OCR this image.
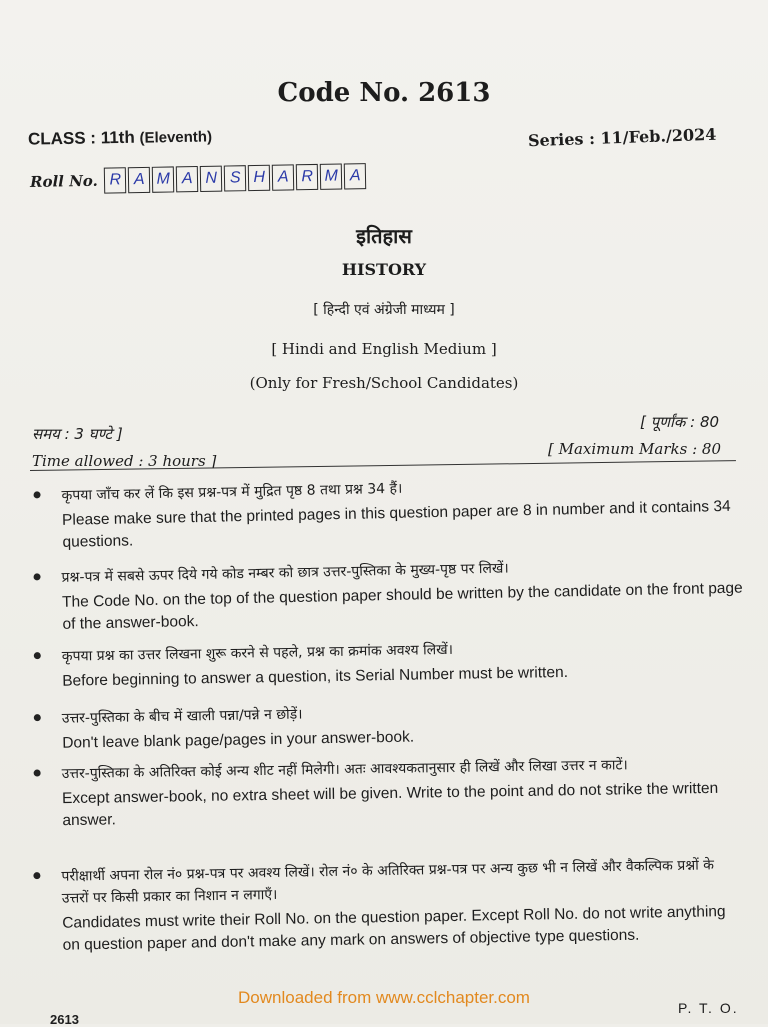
Code No. 2613
CLASS : 11th (Eleventh)	Series : 11/Feb./2024
Roll No. R A M A N S H A R M A
इतिहास
HISTORY
[ हिन्दी एवं अंग्रेजी माध्यम ]
[ Hindi and English Medium ]
(Only for Fresh/School Candidates)
समय : 3 घण्टे ]
Time allowed : 3 hours ]
[ पूर्णांक : 80
[ Maximum Marks : 80
कृपया जाँच कर लें कि इस प्रश्न-पत्र में मुद्रित पृष्ठ 8 तथा प्रश्न 34 हैं।
Please make sure that the printed pages in this question paper are 8 in number and it contains 34 questions.
प्रश्न-पत्र में सबसे ऊपर दिये गये कोड नम्बर को छात्र उत्तर-पुस्तिका के मुख्य-पृष्ठ पर लिखें।
The Code No. on the top of the question paper should be written by the candidate on the front page of the answer-book.
कृपया प्रश्न का उत्तर लिखना शुरू करने से पहले, प्रश्न का क्रमांक अवश्य लिखें।
Before beginning to answer a question, its Serial Number must be written.
उत्तर-पुस्तिका के बीच में खाली पन्ना/पन्ने न छोड़ें।
Don't leave blank page/pages in your answer-book.
उत्तर-पुस्तिका के अतिरिक्त कोई अन्य शीट नहीं मिलेगी। अतः आवश्यकतानुसार ही लिखें और लिखा उत्तर न काटें।
Except answer-book, no extra sheet will be given. Write to the point and do not strike the written answer.
परीक्षार्थी अपना रोल नं० प्रश्न-पत्र पर अवश्य लिखें। रोल नं० के अतिरिक्त प्रश्न-पत्र पर अन्य कुछ भी न लिखें और वैकल्पिक प्रश्नों के उत्तरों पर किसी प्रकार का निशान न लगाएँ।
Candidates must write their Roll No. on the question paper. Except Roll No. do not write anything on question paper and don't make any mark on answers of objective type questions.
Downloaded from www.cclchapter.com
P. T. O.
2613
